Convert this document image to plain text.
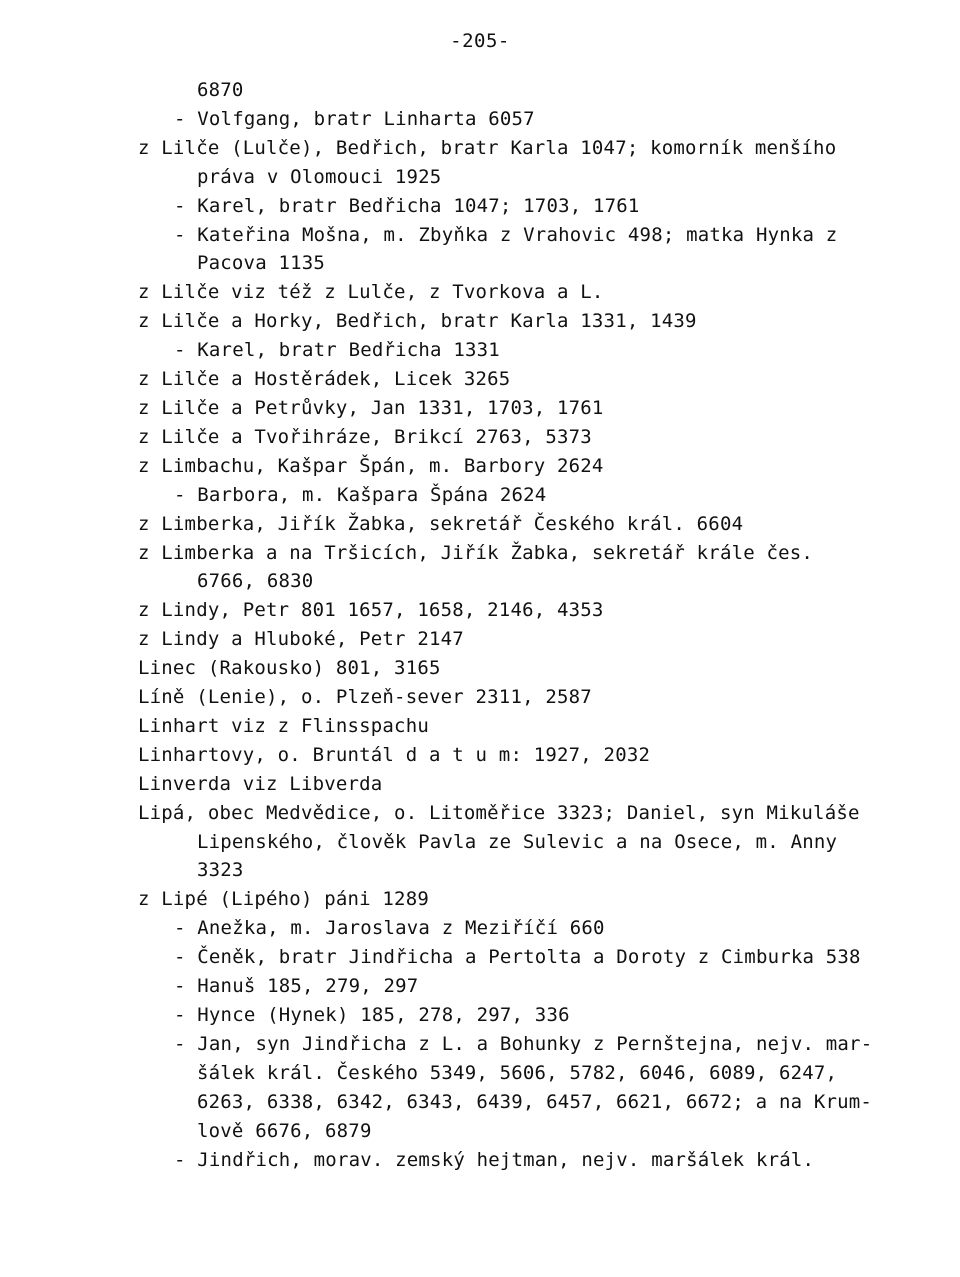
-205-
6870
- Volfgang, bratr Linharta 6057
z Lilče (Lulče), Bedřich, bratr Karla 1047; komorník menšího
práva v Olomouci 1925
- Karel, bratr Bedřicha 1047; 1703, 1761
- Kateřina Mošna, m. Zbyňka z Vrahovic 498; matka Hynka z
Pacova 1135
z Lilče viz též z Lulče, z Tvorkova a L.
z Lilče a Horky, Bedřich, bratr Karla 1331, 1439
- Karel, bratr Bedřicha 1331
z Lilče a Hostěrádek, Licek 3265
z Lilče a Petrůvky, Jan 1331, 1703, 1761
z Lilče a Tvořihráze, Brikcí 2763, 5373
z Limbachu, Kašpar Špán, m. Barbory 2624
- Barbora, m. Kašpara Špána 2624
z Limberka, Jiřík Žabka, sekretář Českého král. 6604
z Limberka a na Tršicích, Jiřík Žabka, sekretář krále čes.
6766, 6830
z Lindy, Petr 801 1657, 1658, 2146, 4353
z Lindy a Hluboké, Petr 2147
Linec (Rakousko) 801, 3165
Líně (Lenie), o. Plzeň-sever 2311, 2587
Linhart viz z Flinsspachu
Linhartovy, o. Bruntál d a t u m: 1927, 2032
Linverda viz Libverda
Lipá, obec Medvědice, o. Litoměřice 3323; Daniel, syn Mikuláše
Lipenského, člověk Pavla ze Sulevic a na Osece, m. Anny
3323
z Lipé (Lipého) páni 1289
- Anežka, m. Jaroslava z Meziříčí 660
- Čeněk, bratr Jindřicha a Pertolta a Doroty z Cimburka 538
- Hanuš 185, 279, 297
- Hynce (Hynek) 185, 278, 297, 336
- Jan, syn Jindřicha z L. a Bohunky z Pernštejna, nejv. mar-
šálek král. Českého 5349, 5606, 5782, 6046, 6089, 6247,
6263, 6338, 6342, 6343, 6439, 6457, 6621, 6672; a na Krum-
lově 6676, 6879
- Jindřich, morav. zemský hejtman, nejv. maršálek král.
